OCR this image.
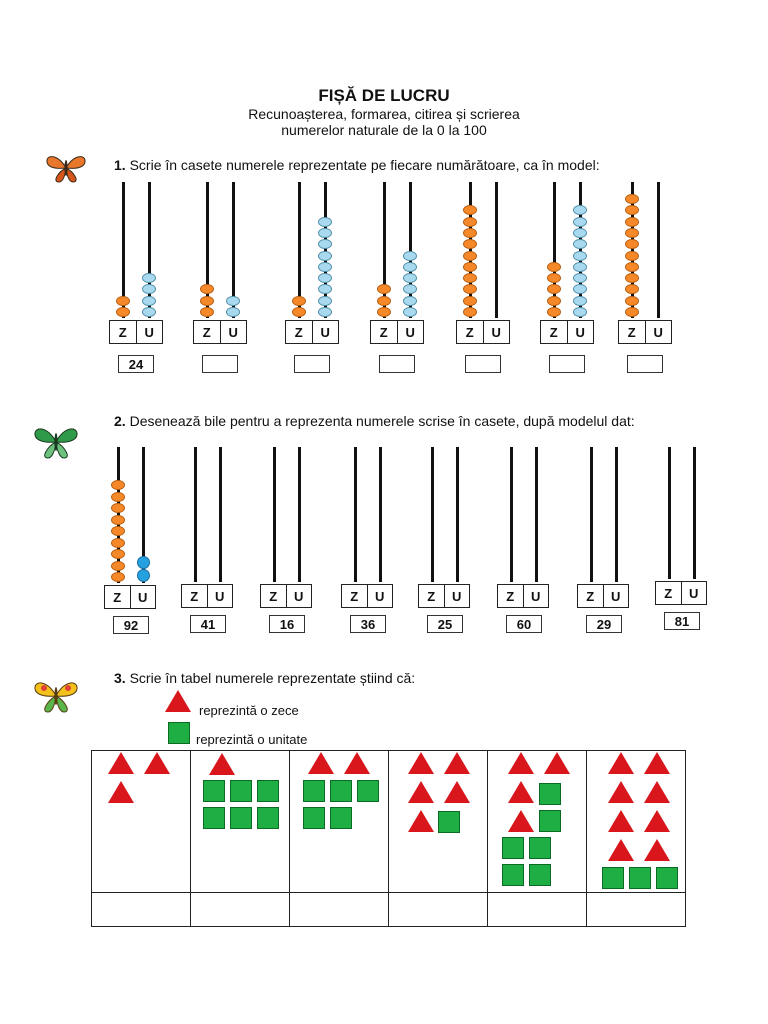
FIȘĂ DE LUCRU
Recunoașterea, formarea, citirea și scrierea
numerelor naturale de la 0 la 100
1. Scrie în casete numerele reprezentate pe fiecare numărătoare, ca în model:
2. Desenează bile pentru a reprezenta numerele scrise în casete, după modelul dat:
3. Scrie în tabel numerele reprezentate știind că:
reprezintă o zece
reprezintă o unitate

Z	U
24
Z	U	Z	U	Z	U	Z	U	Z	U	Z	U
Z	U
92
Z	U
41
Z	U
16
Z	U
36
Z	U
25
Z	U
60
Z	U
29
Z	U
81
